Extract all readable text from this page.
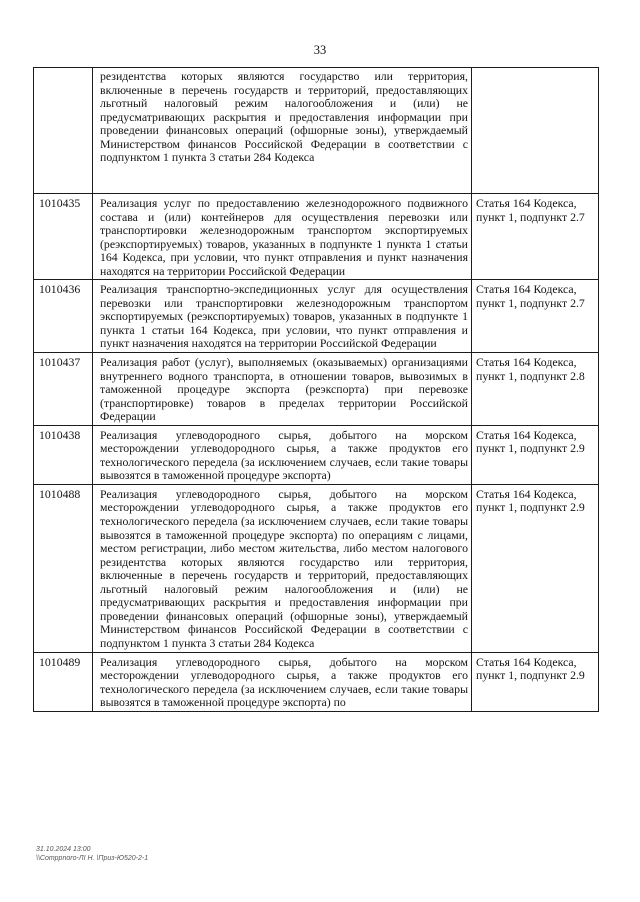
33

	резидентства которых являются государство или территория, включенные в перечень государств и территорий, предоставляющих льготный налоговый режим налогообложения и (или) не предусматривающих раскрытия и предоставления информации при проведении финансовых операций (офшорные зоны), утверждаемый Министерством финансов Российской Федерации в соответствии с подпунктом 1 пункта 3 статьи 284 Кодекса	

1010435	Реализация услуг по предоставлению железнодорожного подвижного состава и (или) контейнеров для осуществления перевозки или транспортировки железнодорожным транспортом экспортируемых (реэкспортируемых) товаров, указанных в подпункте 1 пункта 1 статьи 164 Кодекса, при условии, что пункт отправления и пункт назначения находятся на территории Российской Федерации	Статья 164 Кодекса, пункт 1, подпункт 2.7

1010436	Реализация транспортно-экспедиционных услуг для осуществления перевозки или транспортировки железнодорожным транспортом экспортируемых (реэкспортируемых) товаров, указанных в подпункте 1 пункта 1 статьи 164 Кодекса, при условии, что пункт отправления и пункт назначения находятся на территории Российской Федерации	Статья 164 Кодекса, пункт 1, подпункт 2.7

1010437	Реализация работ (услуг), выполняемых (оказываемых) организациями внутреннего водного транспорта, в отношении товаров, вывозимых в таможенной процедуре экспорта (реэкспорта) при перевозке (транспортировке) товаров в пределах территории Российской Федерации	Статья 164 Кодекса, пункт 1, подпункт 2.8

1010438	Реализация углеводородного сырья, добытого на морском месторождении углеводородного сырья, а также продуктов его технологического передела (за исключением случаев, если такие товары вывозятся в таможенной процедуре экспорта)	Статья 164 Кодекса, пункт 1, подпункт 2.9

1010488	Реализация углеводородного сырья, добытого на морском месторождении углеводородного сырья, а также продуктов его технологического передела (за исключением случаев, если такие товары вывозятся в таможенной процедуре экспорта) по операциям с лицами, местом регистрации, либо местом жительства, либо местом налогового резидентства которых являются государство или территория, включенные в перечень государств и территорий, предоставляющих льготный налоговый режим налогообложения и (или) не предусматривающих раскрытия и предоставления информации при проведении финансовых операций (офшорные зоны), утверждаемый Министерством финансов Российской Федерации в соответствии с подпунктом 1 пункта 3 статьи 284 Кодекса	Статья 164 Кодекса, пункт 1, подпункт 2.9

1010489	Реализация углеводородного сырья, добытого на морском месторождении углеводородного сырья, а также продуктов его технологического передела (за исключением случаев, если такие товары вывозятся в таможенной процедуре экспорта) по	Статья 164 Кодекса, пункт 1, подпункт 2.9
31.10.2024 13:00
\\Comppnoro-ЛI Н. \Приз-Ю520-2-1
